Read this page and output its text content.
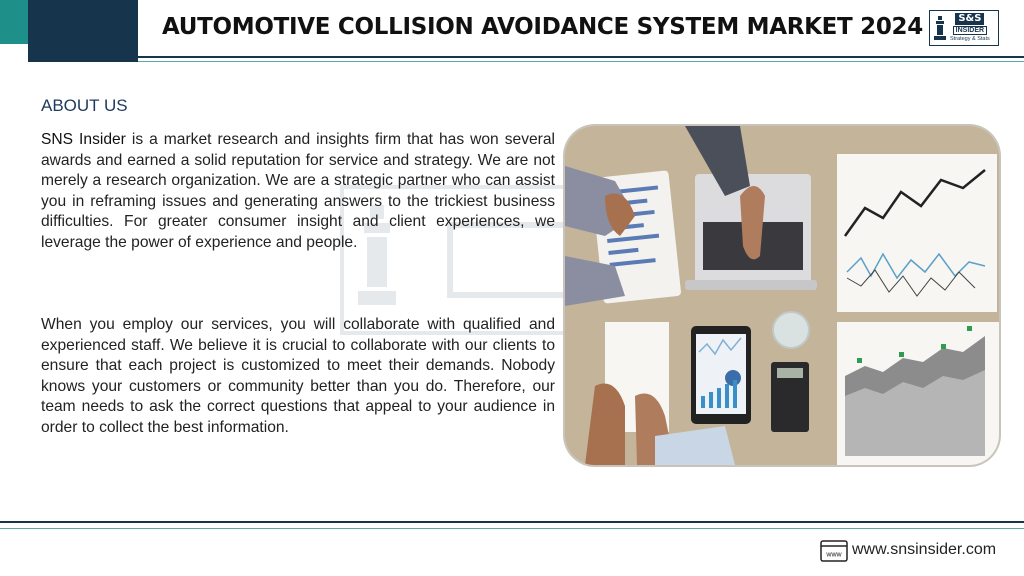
AUTOMOTIVE COLLISION AVOIDANCE SYSTEM MARKET 2024	S&S
INSIDER
Strategy & Stats
ABOUT US

SNS Insider is a market research and insights firm that has won several awards and earned a solid reputation for service and strategy. We are not merely a research organization. We are a strategic partner who can assist you in reframing issues and generating answers to the trickiest business difficulties. For greater consumer insight and client experiences, we leverage the power of experience and people.

When you employ our services, you will collaborate with qualified and experienced staff. We believe it is crucial to collaborate with our clients to ensure that each project is customized to meet their demands. Nobody knows your customers or community better than you do. Therefore, our team needs to ask the correct questions that appeal to your audience in order to collect the best information.

www www.snsinsider.com
